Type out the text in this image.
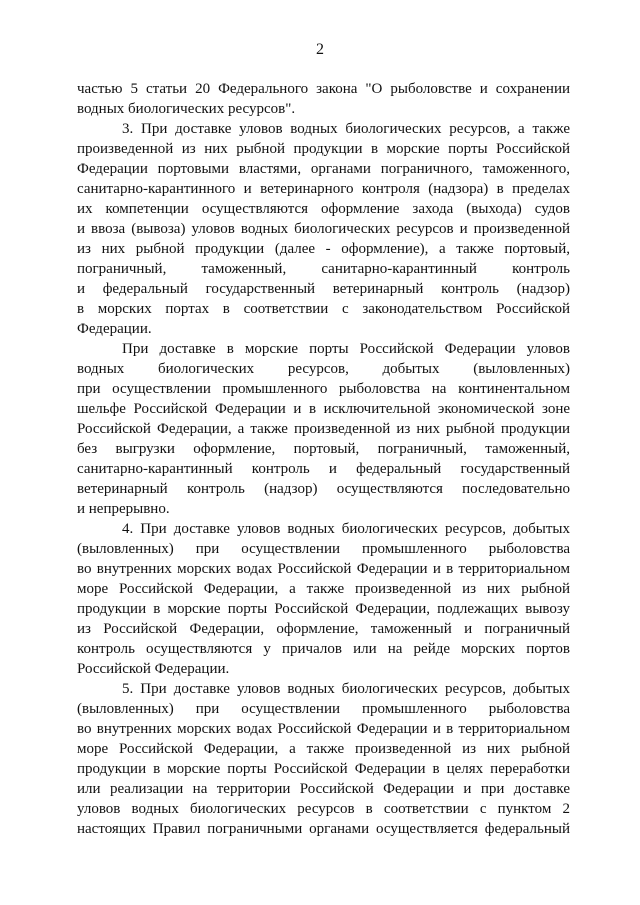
2
частью 5 статьи 20 Федерального закона "О рыболовстве и сохранении
водных биологических ресурсов".
3. При доставке уловов водных биологических ресурсов, а также
произведенной из них рыбной продукции в морские порты Российской
Федерации портовыми властями, органами пограничного, таможенного,
санитарно-карантинного и ветеринарного контроля (надзора) в пределах
их компетенции осуществляются оформление захода (выхода) судов
и ввоза (вывоза) уловов водных биологических ресурсов и произведенной
из них рыбной продукции (далее - оформление), а также портовый,
пограничный, таможенный, санитарно-карантинный контроль
и федеральный государственный ветеринарный контроль (надзор)
в морских портах в соответствии с законодательством Российской
Федерации.
При доставке в морские порты Российской Федерации уловов
водных биологических ресурсов, добытых (выловленных)
при осуществлении промышленного рыболовства на континентальном
шельфе Российской Федерации и в исключительной экономической зоне
Российской Федерации, а также произведенной из них рыбной продукции
без выгрузки оформление, портовый, пограничный, таможенный,
санитарно-карантинный контроль и федеральный государственный
ветеринарный контроль (надзор) осуществляются последовательно
и непрерывно.
4. При доставке уловов водных биологических ресурсов, добытых
(выловленных) при осуществлении промышленного рыболовства
во внутренних морских водах Российской Федерации и в территориальном
море Российской Федерации, а также произведенной из них рыбной
продукции в морские порты Российской Федерации, подлежащих вывозу
из Российской Федерации, оформление, таможенный и пограничный
контроль осуществляются у причалов или на рейде морских портов
Российской Федерации.
5. При доставке уловов водных биологических ресурсов, добытых
(выловленных) при осуществлении промышленного рыболовства
во внутренних морских водах Российской Федерации и в территориальном
море Российской Федерации, а также произведенной из них рыбной
продукции в морские порты Российской Федерации в целях переработки
или реализации на территории Российской Федерации и при доставке
уловов водных биологических ресурсов в соответствии с пунктом 2
настоящих Правил пограничными органами осуществляется федеральный
